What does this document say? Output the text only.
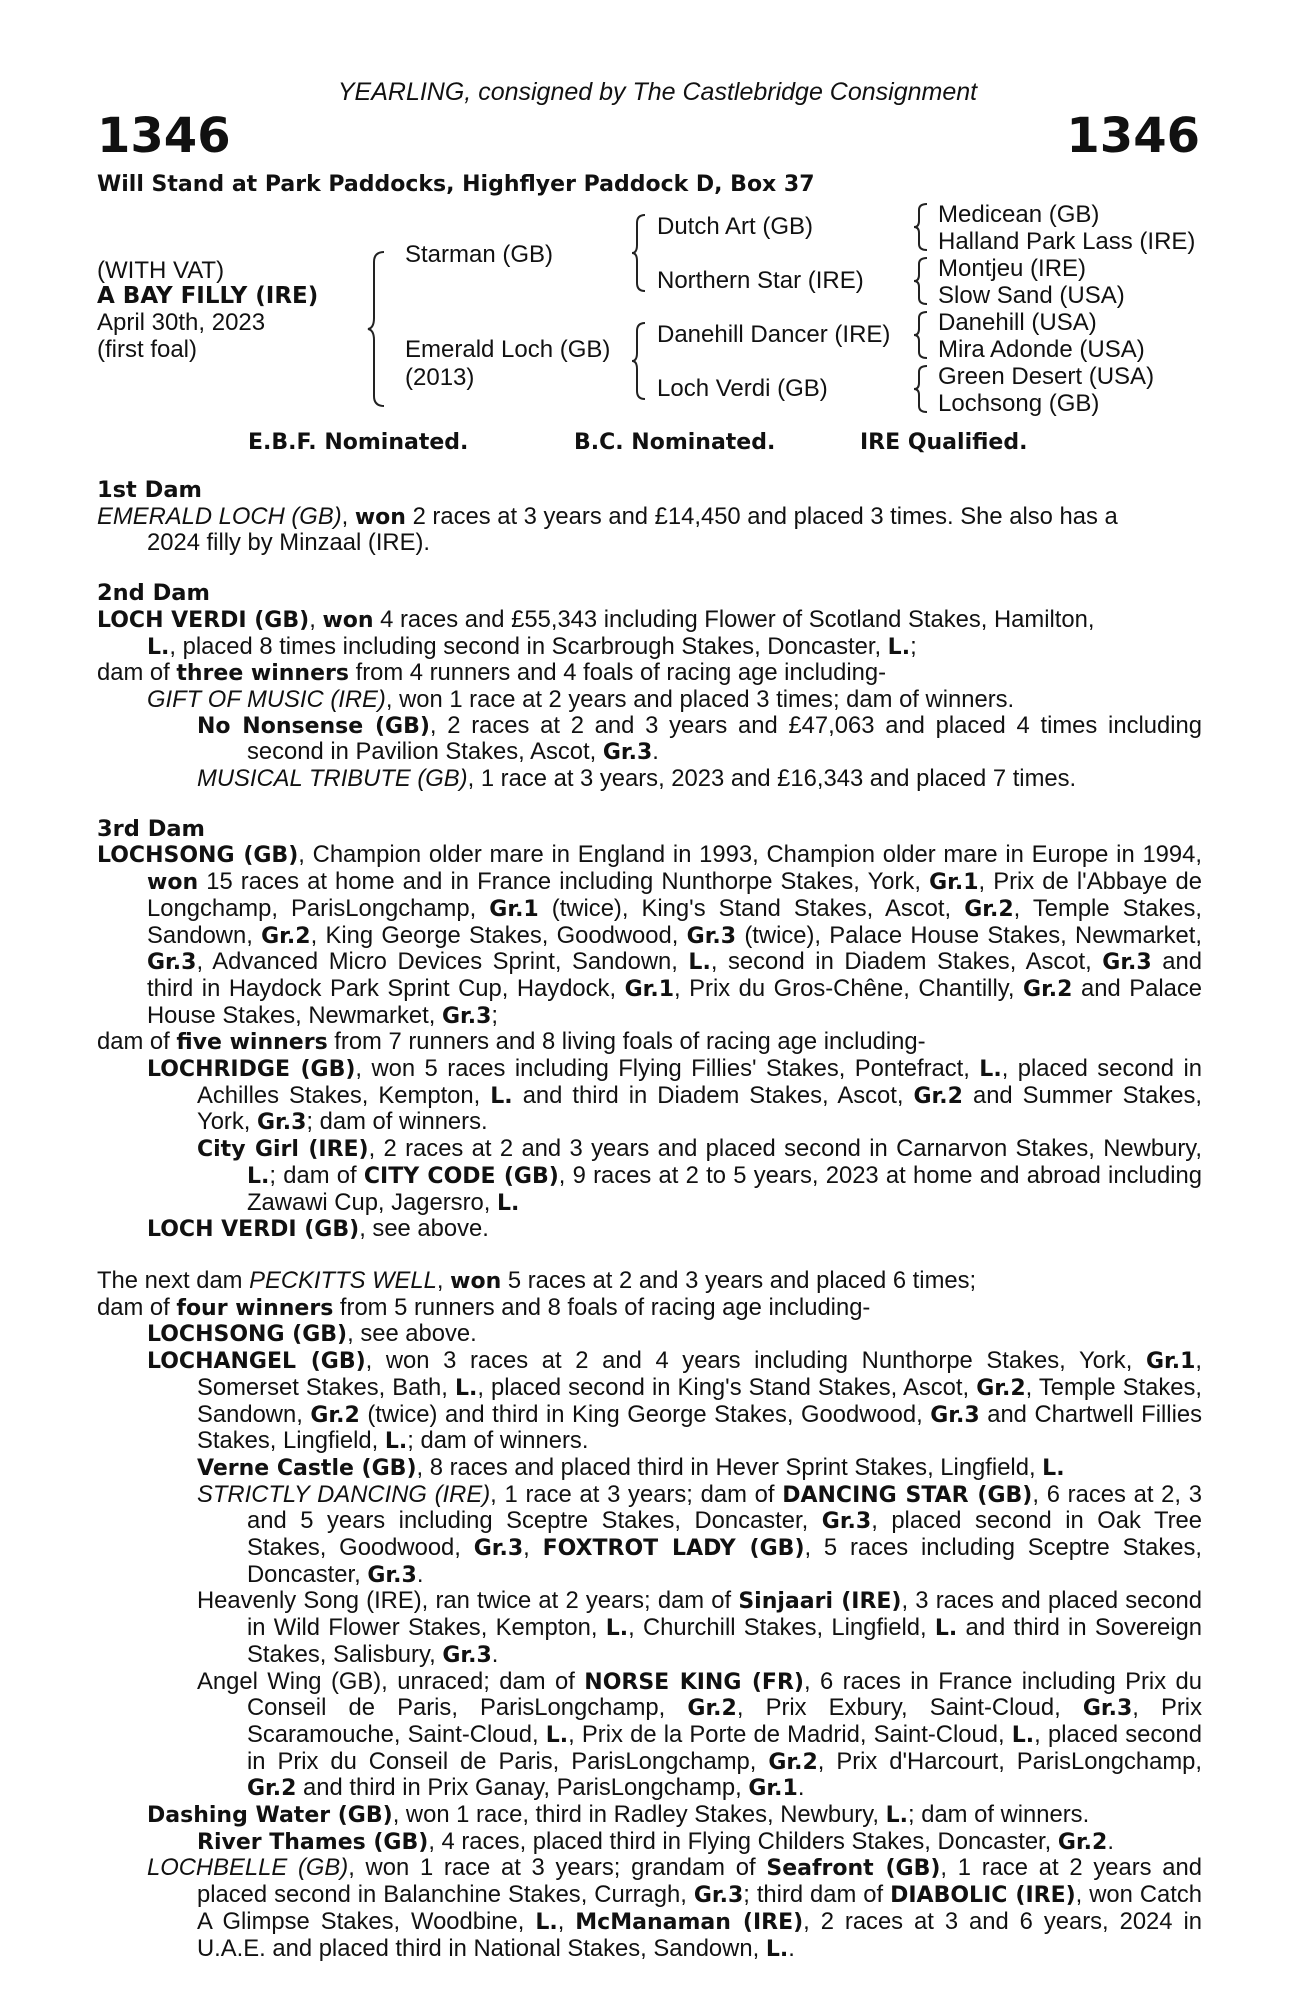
YEARLING, consigned by The Castlebridge Consignment
1346	1346
Will Stand at Park Paddocks, Highflyer Paddock D, Box 37
(WITH VAT)
A BAY FILLY (IRE)
April 30th, 2023
(first foal)
Starman (GB)
Emerald Loch (GB)
(2013)
Dutch Art (GB)
Northern Star (IRE)
Danehill Dancer (IRE)
Loch Verdi (GB)
Medicean (GB)
Halland Park Lass (IRE)
Montjeu (IRE)
Slow Sand (USA)
Danehill (USA)
Mira Adonde (USA)
Green Desert (USA)
Lochsong (GB)
E.B.F. Nominated.	B.C. Nominated.	IRE Qualified.

1st Dam

EMERALD LOCH (GB), won 2 races at 3 years and £14,450 and placed 3 times. She also has a

2024 filly by Minzaal (IRE).

2nd Dam

LOCH VERDI (GB), won 4 races and £55,343 including Flower of Scotland Stakes, Hamilton,

L., placed 8 times including second in Scarbrough Stakes, Doncaster, L.;

dam of three winners from 4 runners and 4 foals of racing age including-

GIFT OF MUSIC (IRE), won 1 race at 2 years and placed 3 times; dam of winners.

No Nonsense (GB), 2 races at 2 and 3 years and £47,063 and placed 4 times including second in Pavilion Stakes, Ascot, Gr.3.

MUSICAL TRIBUTE (GB), 1 race at 3 years, 2023 and £16,343 and placed 7 times.

3rd Dam

LOCHSONG (GB), Champion older mare in England in 1993, Champion older mare in Europe in 1994, won 15 races at home and in France including Nunthorpe Stakes, York, Gr.1, Prix de l'Abbaye de Longchamp, ParisLongchamp, Gr.1 (twice), King's Stand Stakes, Ascot, Gr.2, Temple Stakes, Sandown, Gr.2, King George Stakes, Goodwood, Gr.3 (twice), Palace House Stakes, Newmarket, Gr.3, Advanced Micro Devices Sprint, Sandown, L., second in Diadem Stakes, Ascot, Gr.3 and third in Haydock Park Sprint Cup, Haydock, Gr.1, Prix du Gros-Chêne, Chantilly, Gr.2 and Palace House Stakes, Newmarket, Gr.3;

dam of five winners from 7 runners and 8 living foals of racing age including-

LOCHRIDGE (GB), won 5 races including Flying Fillies' Stakes, Pontefract, L., placed second in Achilles Stakes, Kempton, L. and third in Diadem Stakes, Ascot, Gr.2 and Summer Stakes, York, Gr.3; dam of winners.

City Girl (IRE), 2 races at 2 and 3 years and placed second in Carnarvon Stakes, Newbury, L.; dam of CITY CODE (GB), 9 races at 2 to 5 years, 2023 at home and abroad including Zawawi Cup, Jagersro, L.

LOCH VERDI (GB), see above.

The next dam PECKITTS WELL, won 5 races at 2 and 3 years and placed 6 times;

dam of four winners from 5 runners and 8 foals of racing age including-

LOCHSONG (GB), see above.

LOCHANGEL (GB), won 3 races at 2 and 4 years including Nunthorpe Stakes, York, Gr.1, Somerset Stakes, Bath, L., placed second in King's Stand Stakes, Ascot, Gr.2, Temple Stakes, Sandown, Gr.2 (twice) and third in King George Stakes, Goodwood, Gr.3 and Chartwell Fillies Stakes, Lingfield, L.; dam of winners.

Verne Castle (GB), 8 races and placed third in Hever Sprint Stakes, Lingfield, L.

STRICTLY DANCING (IRE), 1 race at 3 years; dam of DANCING STAR (GB), 6 races at 2, 3 and 5 years including Sceptre Stakes, Doncaster, Gr.3, placed second in Oak Tree Stakes, Goodwood, Gr.3, FOXTROT LADY (GB), 5 races including Sceptre Stakes, Doncaster, Gr.3.

Heavenly Song (IRE), ran twice at 2 years; dam of Sinjaari (IRE), 3 races and placed second in Wild Flower Stakes, Kempton, L., Churchill Stakes, Lingfield, L. and third in Sovereign Stakes, Salisbury, Gr.3.

Angel Wing (GB), unraced; dam of NORSE KING (FR), 6 races in France including Prix du Conseil de Paris, ParisLongchamp, Gr.2, Prix Exbury, Saint-Cloud, Gr.3, Prix Scaramouche, Saint-Cloud, L., Prix de la Porte de Madrid, Saint-Cloud, L., placed second in Prix du Conseil de Paris, ParisLongchamp, Gr.2, Prix d'Harcourt, ParisLongchamp, Gr.2 and third in Prix Ganay, ParisLongchamp, Gr.1.

Dashing Water (GB), won 1 race, third in Radley Stakes, Newbury, L.; dam of winners.

River Thames (GB), 4 races, placed third in Flying Childers Stakes, Doncaster, Gr.2.

LOCHBELLE (GB), won 1 race at 3 years; grandam of Seafront (GB), 1 race at 2 years and placed second in Balanchine Stakes, Curragh, Gr.3; third dam of DIABOLIC (IRE), won Catch A Glimpse Stakes, Woodbine, L., McManaman (IRE), 2 races at 3 and 6 years, 2024 in U.A.E. and placed third in National Stakes, Sandown, L..
